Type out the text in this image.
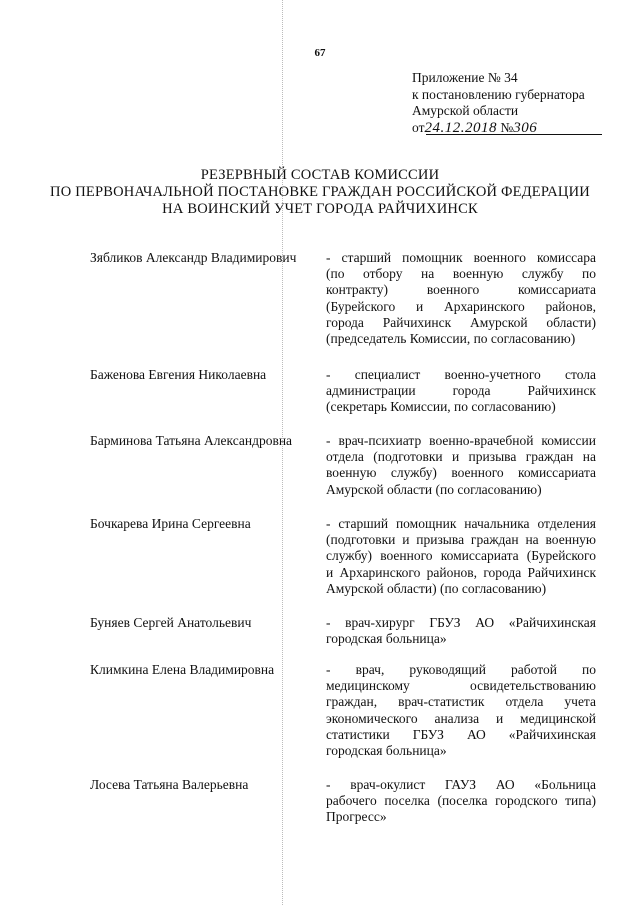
67
Приложение № 34
к постановлению губернатора
Амурской области
от24.12.2018 №306
РЕЗЕРВНЫЙ СОСТАВ КОМИССИИ
ПО ПЕРВОНАЧАЛЬНОЙ ПОСТАНОВКЕ ГРАЖДАН РОССИЙСКОЙ ФЕДЕРАЦИИ
НА ВОИНСКИЙ УЧЕТ ГОРОДА РАЙЧИХИНСК
Зябликов Александр Владимирович	- старший помощник военного комиссара
(по отбору на военную службу по
контракту) военного комиссариата
(Бурейского и Архаринского районов,
города Райчихинск Амурской области)
(председатель Комиссии, по согласованию)
Баженова Евгения Николаевна	- специалист военно-учетного стола
администрации города Райчихинск
(секретарь Комиссии, по согласованию)
Барминова Татьяна Александровна	- врач-психиатр военно-врачебной комиссии
отдела (подготовки и призыва граждан на
военную службу) военного комиссариата
Амурской области (по согласованию)
Бочкарева Ирина Сергеевна	- старший помощник начальника отделения
(подготовки и призыва граждан на военную
службу) военного комиссариата (Бурейского
и Архаринского районов, города Райчихинск
Амурской области) (по согласованию)
Буняев Сергей Анатольевич	- врач-хирург ГБУЗ АО «Райчихинская
городская больница»
Климкина Елена Владимировна	- врач, руководящий работой по
медицинскому освидетельствованию
граждан, врач-статистик отдела учета
экономического анализа и медицинской
статистики ГБУЗ АО «Райчихинская
городская больница»
Лосева Татьяна Валерьевна	- врач-окулист ГАУЗ АО «Больница
рабочего поселка (поселка городского типа)
Прогресс»
